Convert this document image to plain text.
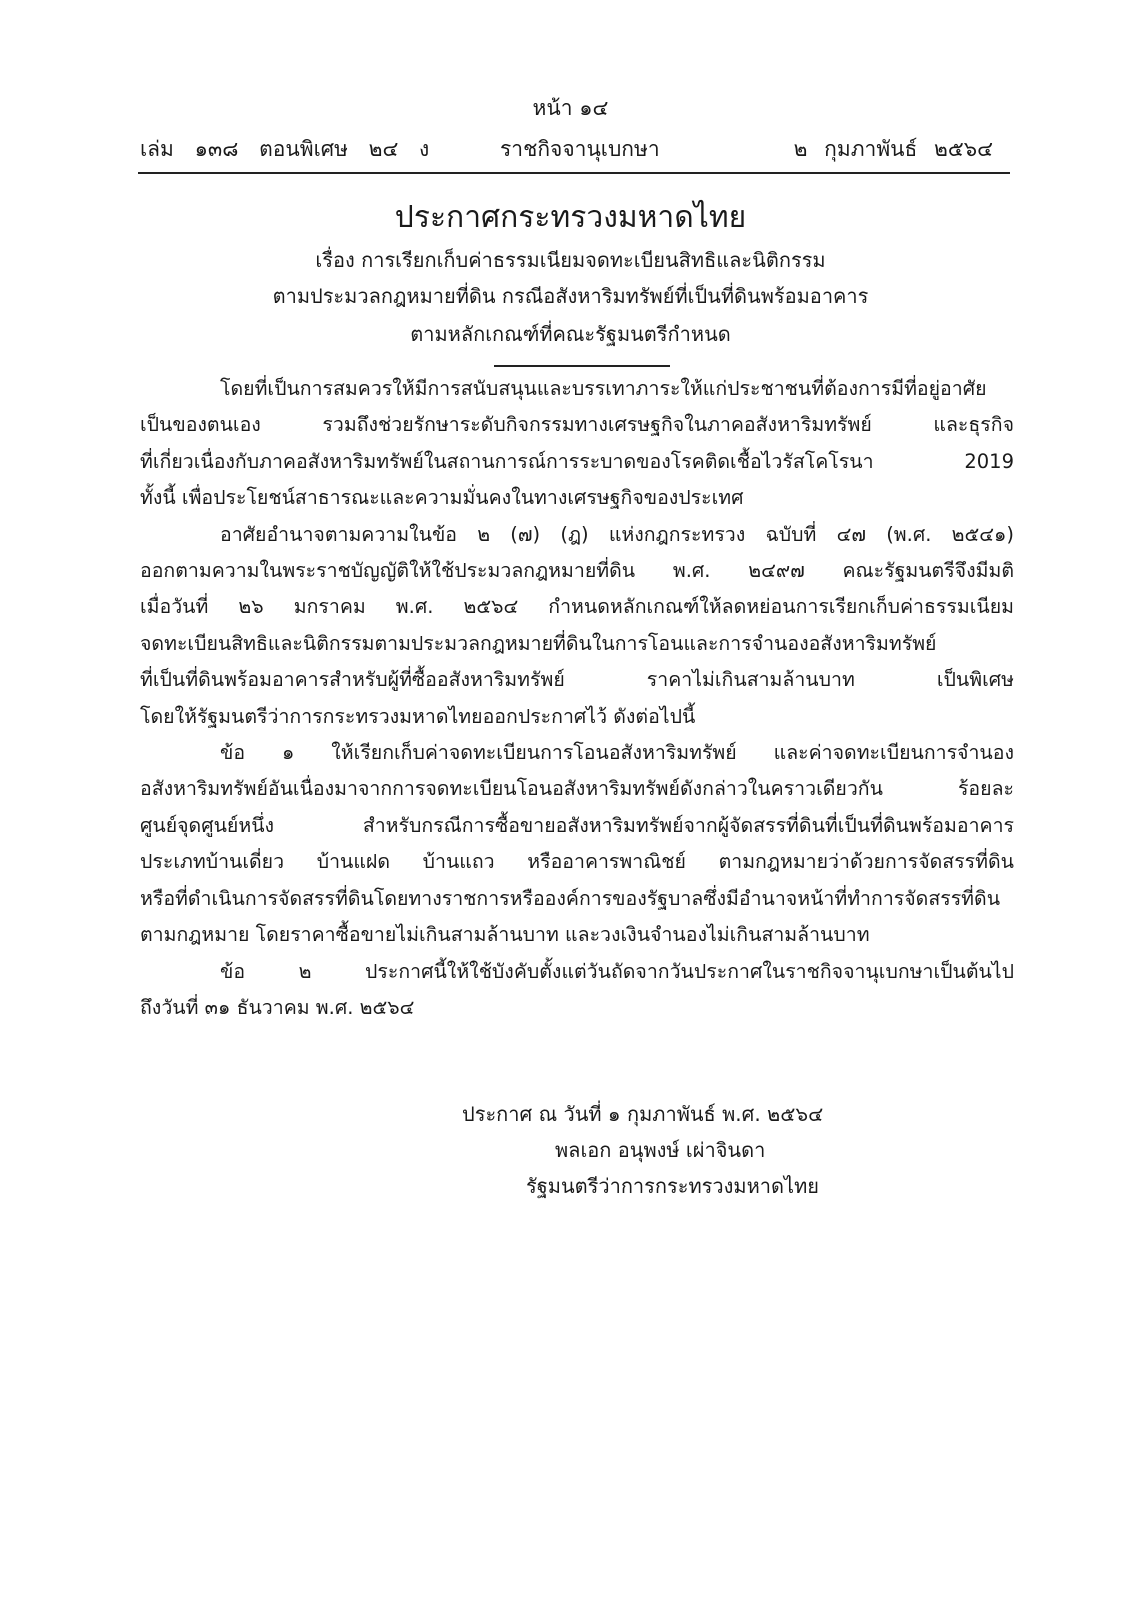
หน้า ๑๔
เล่ม ๑๓๘ ตอนพิเศษ ๒๔ ง	ราชกิจจานุเบกษา	๒ กุมภาพันธ์ ๒๕๖๔
ประกาศกระทรวงมหาดไทย
เรื่อง การเรียกเก็บค่าธรรมเนียมจดทะเบียนสิทธิและนิติกรรม
ตามประมวลกฎหมายที่ดิน กรณีอสังหาริมทรัพย์ที่เป็นที่ดินพร้อมอาคาร
ตามหลักเกณฑ์ที่คณะรัฐมนตรีกำหนด
โดยที่เป็นการสมควรให้มีการสนับสนุนและบรรเทาภาระให้แก่ประชาชนที่ต้องการมีที่อยู่อาศัย
เป็นของตนเอง รวมถึงช่วยรักษาระดับกิจกรรมทางเศรษฐกิจในภาคอสังหาริมทรัพย์ และธุรกิจ
ที่เกี่ยวเนื่องกับภาคอสังหาริมทรัพย์ในสถานการณ์การระบาดของโรคติดเชื้อไวรัสโคโรนา 2019
ทั้งนี้ เพื่อประโยชน์สาธารณะและความมั่นคงในทางเศรษฐกิจของประเทศ
อาศัยอำนาจตามความในข้อ ๒ (๗) (ฎ) แห่งกฎกระทรวง ฉบับที่ ๔๗ (พ.ศ. ๒๕๔๑)
ออกตามความในพระราชบัญญัติให้ใช้ประมวลกฎหมายที่ดิน พ.ศ. ๒๔๙๗ คณะรัฐมนตรีจึงมีมติ
เมื่อวันที่ ๒๖ มกราคม พ.ศ. ๒๕๖๔ กำหนดหลักเกณฑ์ให้ลดหย่อนการเรียกเก็บค่าธรรมเนียม
จดทะเบียนสิทธิและนิติกรรมตามประมวลกฎหมายที่ดินในการโอนและการจำนองอสังหาริมทรัพย์
ที่เป็นที่ดินพร้อมอาคารสำหรับผู้ที่ซื้ออสังหาริมทรัพย์ ราคาไม่เกินสามล้านบาท เป็นพิเศษ
โดยให้รัฐมนตรีว่าการกระทรวงมหาดไทยออกประกาศไว้ ดังต่อไปนี้
ข้อ ๑ ให้เรียกเก็บค่าจดทะเบียนการโอนอสังหาริมทรัพย์ และค่าจดทะเบียนการจำนอง
อสังหาริมทรัพย์อันเนื่องมาจากการจดทะเบียนโอนอสังหาริมทรัพย์ดังกล่าวในคราวเดียวกัน ร้อยละ
ศูนย์จุดศูนย์หนึ่ง สำหรับกรณีการซื้อขายอสังหาริมทรัพย์จากผู้จัดสรรที่ดินที่เป็นที่ดินพร้อมอาคาร
ประเภทบ้านเดี่ยว บ้านแฝด บ้านแถว หรืออาคารพาณิชย์ ตามกฎหมายว่าด้วยการจัดสรรที่ดิน
หรือที่ดำเนินการจัดสรรที่ดินโดยทางราชการหรือองค์การของรัฐบาลซึ่งมีอำนาจหน้าที่ทำการจัดสรรที่ดิน
ตามกฎหมาย โดยราคาซื้อขายไม่เกินสามล้านบาท และวงเงินจำนองไม่เกินสามล้านบาท
ข้อ ๒ ประกาศนี้ให้ใช้บังคับตั้งแต่วันถัดจากวันประกาศในราชกิจจานุเบกษาเป็นต้นไป
ถึงวันที่ ๓๑ ธันวาคม พ.ศ. ๒๕๖๔
ประกาศ ณ วันที่ ๑ กุมภาพันธ์ พ.ศ. ๒๕๖๔
พลเอก อนุพงษ์ เผ่าจินดา
รัฐมนตรีว่าการกระทรวงมหาดไทย
